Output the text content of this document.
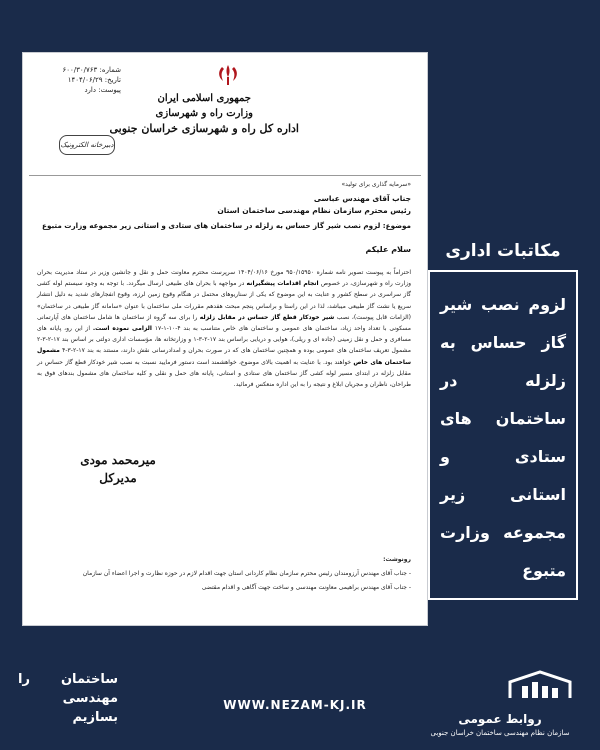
شماره: ۶۰۰/۳۰/۷۶۳
تاریخ: ۱۴۰۴/۰۶/۲۹
پیوست: دارد
جمهوری اسلامی ایران
وزارت راه و شهرسازی
اداره کل راه و شهرسازی خراسان جنوبی
دبیرخانه الکترونیک
«سرمایه گذاری برای تولید»
جناب آقای مهندس عباسی
رئیس محترم سازمان نظام مهندسی ساختمان استان
موضوع: لزوم نصب شیر گاز حساس به زلزله در ساختمان های ستادی و استانی زیر مجموعه وزارت متبوع
سلام علیکم
احتراماً به پیوست تصویر نامه شماره ۹۵۰/۱۵۹۵۰ مورخ ۱۴۰۴/۰۶/۱۶ سرپرست محترم معاونت حمل و نقل و جانشین وزیر در ستاد مدیریت بحران وزارت راه و شهرسازی، در خصوص انجام اقدامات پیشگیرانه در مواجهه با بحران های طبیعی ارسال میگردد. با توجه به وجود سیستم لوله کشی گاز سراسری در سطح کشور و عنایت به این موضوع که یکی از سناریوهای محتمل در هنگام وقوع زمین لرزه، وقوع انفجارهای شدید به دلیل انتشار سریع یا نشت گاز طبیعی میباشد، لذا در این راستا و براساس پنجم مبحث هفدهم مقررات ملی ساختمان با عنوان «سامانه گاز طبیعی در ساختمان» (الزامات قابل پیوست)، نصب شیر خودکار قطع گاز حساس در مقابل زلزله را برای سه گروه از ساختمان ها شامل ساختمان های آپارتمانی مسکونی با تعداد واحد زیاد، ساختمان های عمومی و ساختمان های خاص متناسب به بند ۴-۱۰-۱-۱۷ الزامی نموده است. از این رو، پایانه های مسافری و حمل و نقل زمینی (جاده ای و ریلی)، هوایی و دریایی براساس بند ۱۷-۲-۳-۱ و وزارتخانه ها، مؤسسات اداری دولتی بر اساس بند ۱۷-۲-۳-۲ مشمول تعریف ساختمان های عمومی بوده و همچنین ساختمان های که در صورت بحران و امدادرسانی نقش دارند، مستند به بند ۱۷-۲-۳-۴ مشمول ساختمان های خاص خواهند بود. با عنایت به اهمیت بالای موضوع، خواهشمند است دستور فرمایید نسبت به نصب شیر خودکار قطع گاز حساس در مقابل زلزله در ابتدای مسیر لوله کشی گاز ساختمان های ستادی و استانی، پایانه های حمل و نقلی و کلیه ساختمان های مشمول بندهای فوق به طراحان، ناظران و مجریان ابلاغ و نتیجه را به این اداره منعکس فرمائید.
میرمحمد مودی
مدیرکل
رونوشت:
- جناب آقای مهندس آرزومندان رئیس محترم سازمان نظام کاردانی استان جهت اقدام لازم در حوزه نظارت و اجرا اعضاء آن سازمان
- جناب آقای مهندس براهیمی معاونت مهندسی و ساخت جهت آگاهی و اقدام مقتضی
مکاتبات اداری
لزوم نصب شیر گاز حساس به زلزله در ساختمان های ستادی و استانی زیر مجموعه وزارت متبوع
ساختمان را
مهندسی
بسازیم
WWW.NEZAM-KJ.IR
روابط عمومی
سازمان نظام مهندسی ساختمان خراسان جنوبی
